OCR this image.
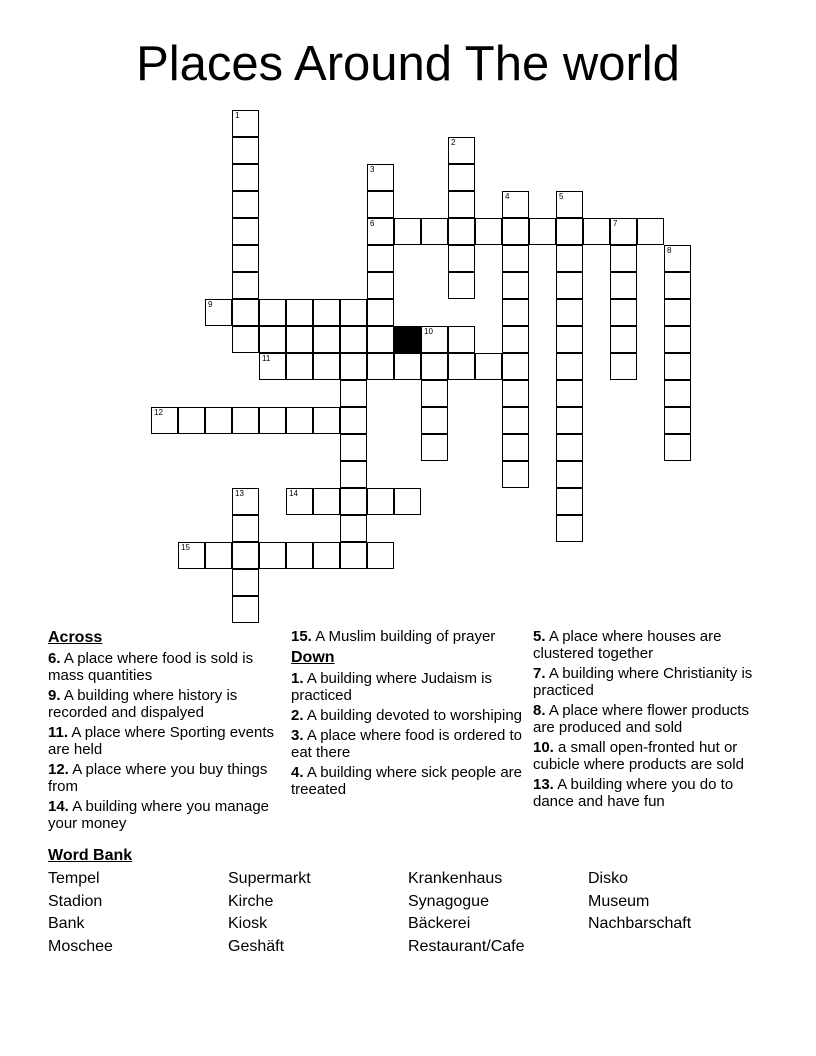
Places Around The world
1
2
3
4	5
6	7
8
9
10
11
12
13	14
15
Across
6. A place where food is sold is mass quantities
9. A building where history is recorded and dispalyed
11. A place where Sporting events are held
12. A place where you buy things from
14. A building where you manage your money
15. A Muslim building of prayer
Down
1. A building where Judaism is practiced
2. A building devoted to worshiping
3. A place where food is ordered to eat there
4. A building where sick people are treeated
5. A place where houses are clustered together
7. A building where Christianity is practiced
8. A place where flower products are produced and sold
10. a small open-fronted hut or cubicle where products are sold
13. A building where you do to dance and have fun
Word Bank
Tempel
Stadion
Bank
Moschee
Supermarkt
Kirche
Kiosk
Geshäft
Krankenhaus
Synagogue
Bäckerei
Restaurant/Cafe
Disko
Museum
Nachbarschaft
